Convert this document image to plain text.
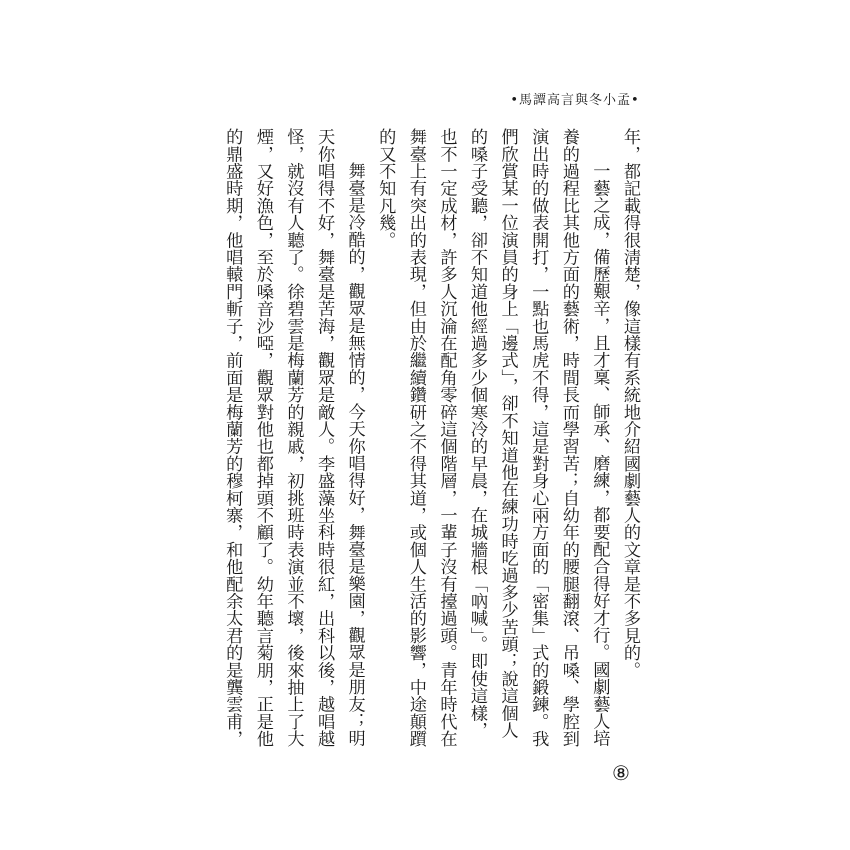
•孟小冬與言高譚馬•
年，都記載得很淸楚，像這樣有系統地介紹國劇藝人的文章是不多見的。
一藝之成，備歷艱辛，且才稟、師承、磨練，都要配合得好才行。國劇藝人培
養的過程比其他方面的藝術，時間長而學習苦；自幼年的腰腿翻滾、吊嗓、學腔到
演出時的做表開打，一點也馬虎不得，這是對身心兩方面的「密集」式的鍛鍊。我
們欣賞某一位演員的身上「邊式」，卻不知道他在練功時吃過多少苦頭；說這個人
的嗓子受聽，卻不知道他經過多少個寒冷的早晨，在城牆根「吶喊」。即使這樣，
也不一定成材，許多人沉淪在配角零碎這個階層，一輩子沒有擡過頭。青年時代在
舞臺上有突出的表現，但由於繼續鑽研之不得其道，或個人生活的影響，中途顛躓
的又不知凡幾。
舞臺是冷酷的，觀眾是無情的，今天你唱得好，舞臺是樂園，觀眾是朋友；明
天你唱得不好，舞臺是苦海，觀眾是敵人。李盛藻坐科時很紅，出科以後，越唱越
怪，就沒有人聽了。徐碧雲是梅蘭芳的親戚，初挑班時表演並不壞，後來抽上了大
煙，又好漁色，至於嗓音沙啞，觀眾對他也都掉頭不顧了。幼年聽言菊朋，正是他
的鼎盛時期，他唱轅門斬子，前面是梅蘭芳的穆柯寨，和他配余太君的是龔雲甫，
⑧
